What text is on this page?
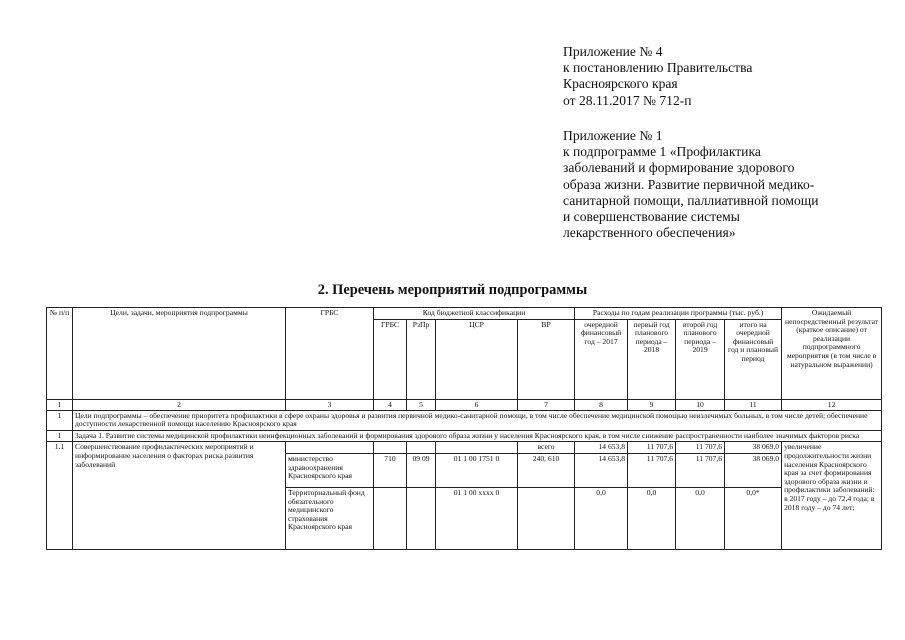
Приложение № 4
к постановлению Правительства
Красноярского края
от 28.11.2017 № 712-п
Приложение № 1
к подпрограмме 1 «Профилактика
заболеваний и формирование здорового
образа жизни. Развитие первичной медико-
санитарной помощи, паллиативной помощи
и совершенствование системы
лекарственного обеспечения»
2. Перечень мероприятий подпрограммы
№ п/п	Цели, задачи, мероприятия подпрограммы	ГРБС	Код бюджетной классификации				Расходы по годам реализации программы (тыс. руб.)				Ожидаемый непосредственный результат (краткое описание) от реализации подпрограммного мероприятия (в том числе в натуральном выражении)
			ГРБС	РзПр	ЦСР	ВР	очередной финансовый год – 2017	первый год планового периода – 2018	второй год планового периода – 2019	итого на очередной финансовый год и плановый период	
1	2	3	4	5	6	7	8	9	10	11	12
1	Цели подпрограммы – обеспечение приоритета профилактики в сфере охраны здоровья и развития первичной медико-санитарной помощи, в том числе обеспечение медицинской помощью неизлечимых больных, в том числе детей; обеспечение доступности лекарственной помощи населению Красноярского края										
1	Задача 1. Развитие системы медицинской профилактики неинфекционных заболеваний и формирования здорового образа жизни у населения Красноярского края, в том числе снижение распространенности наиболее значимых факторов риска										
1.1	Совершенствование профилактических мероприятий и информирование населения о факторах риска развития заболеваний					всего	14 653,8	11 707,6	11 707,6	38 069,0	увеличение продолжительности жизни населения Красноярского края за счет формирования здорового образа жизни и профилактики заболеваний: в 2017 году – до 72,4 года; в 2018 году – до 74 лет;
		министерство здравоохранения Красноярского края	710	09 09	01 1 00 1751 0	240, 610	14 653,8	11 707,6	11 707,6	38 069,0	
		Территориальный фонд обязательного медицинского страхования Красноярского края			01 1 00 xxxx 0		0,0	0,0	0,0	0,0*	
